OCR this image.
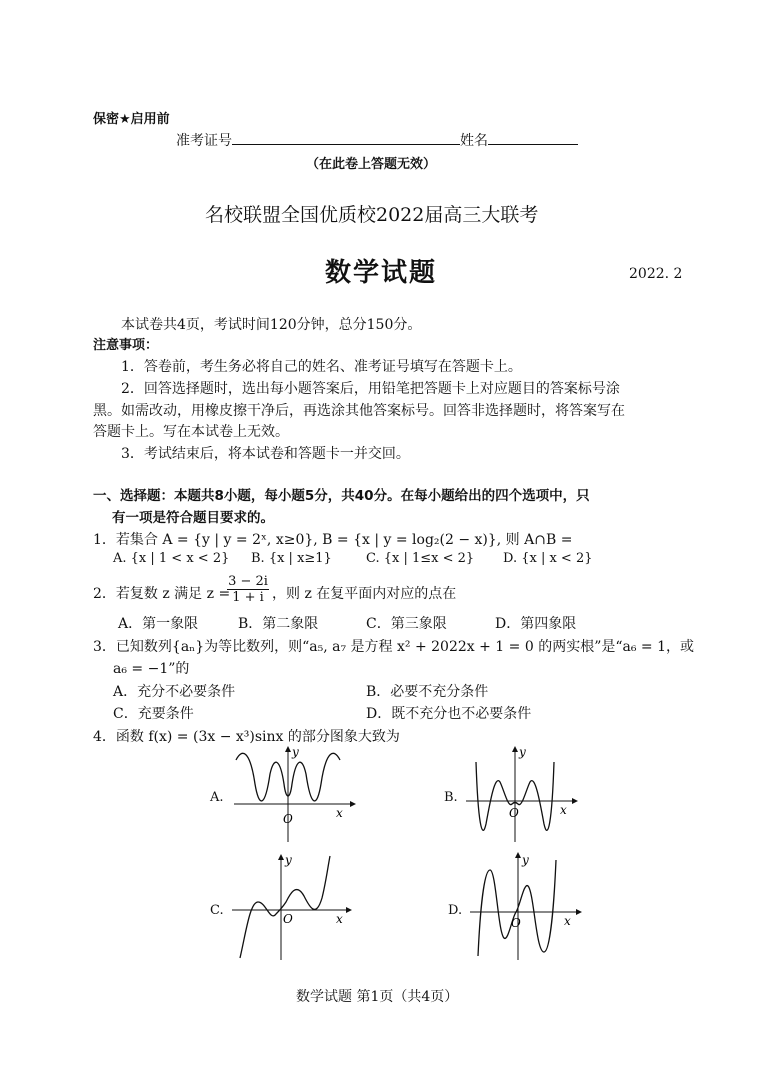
保密★启用前
准考证号	姓名
（在此卷上答题无效）
名校联盟全国优质校2022届高三大联考
数学试题	2022. 2
本试卷共4页，考试时间120分钟，总分150分。
注意事项：
1．答卷前，考生务必将自己的姓名、准考证号填写在答题卡上。
2．回答选择题时，选出每小题答案后，用铅笔把答题卡上对应题目的答案标号涂
黑。如需改动，用橡皮擦干净后，再选涂其他答案标号。回答非选择题时，将答案写在
答题卡上。写在本试卷上无效。
3．考试结束后，将本试卷和答题卡一并交回。
一、选择题：本题共8小题，每小题5分，共40分。在每小题给出的四个选项中，只
有一项是符合题目要求的。
1．若集合 A = {y | y = 2ˣ, x≥0}, B = {x | y = log₂(2 − x)}, 则 A∩B =
A. {x | 1 < x < 2} B. {x | x≥1}	C. {x | 1≤x < 2} D. {x | x < 2}
2．若复数 z 满足 z =
$\frac{3 - 2i}{1 + i}$ ，则 z 在复平面内对应的点在
A．第一象限	B．第二象限	C．第三象限	D．第四象限
3．已知数列{aₙ}为等比数列，则“a₅, a₇ 是方程 x² + 2022x + 1 = 0 的两实根”是“a₆ = 1，或
a₆ = −1”的
A．充分不必要条件	B．必要不充分条件
C．充要条件	D．既不充分也不必要条件
4．函数 f(x) = (3x − x³)sinx 的部分图象大致为
A.
y
x
O
B.
y
x
O
C.
y
x
O
D.
y
x
O
数学试题 第1页（共4页）
